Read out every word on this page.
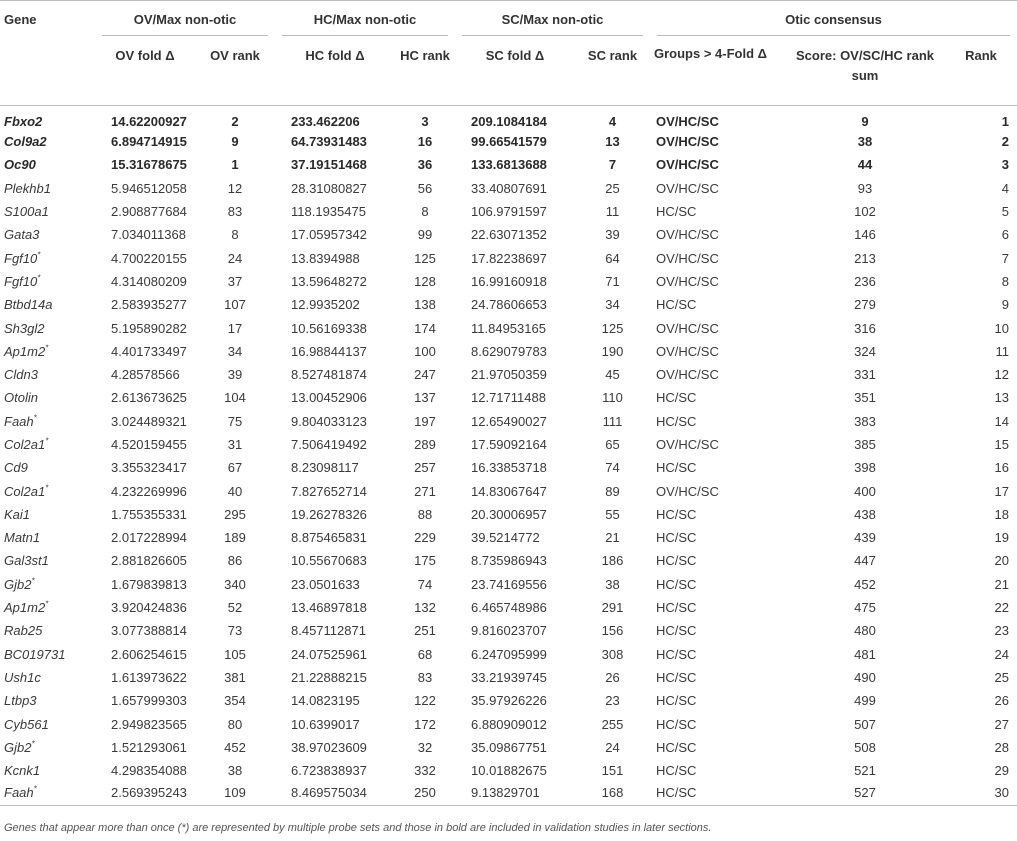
Gene	OV/Max non-otic		HC/Max non-otic		SC/Max non-otic		Otic consensus		

	OV fold Δ	OV rank	HC fold Δ	HC rank	SC fold Δ	SC rank	Groups > 4-Fold Δ	Score: OV/SC/HC rank sum	Rank
Fbxo2	14.62200927	2	233.462206	3	209.1084184	4	OV/HC/SC	9	1
Col9a2	6.894714915	9	64.73931483	16	99.66541579	13	OV/HC/SC	38	2
Oc90	15.31678675	1	37.19151468	36	133.6813688	7	OV/HC/SC	44	3
Plekhb1	5.946512058	12	28.31080827	56	33.40807691	25	OV/HC/SC	93	4
S100a1	2.908877684	83	118.1935475	8	106.9791597	11	HC/SC	102	5
Gata3	7.034011368	8	17.05957342	99	22.63071352	39	OV/HC/SC	146	6
Fgf10*	4.700220155	24	13.8394988	125	17.82238697	64	OV/HC/SC	213	7
Fgf10*	4.314080209	37	13.59648272	128	16.99160918	71	OV/HC/SC	236	8
Btbd14a	2.583935277	107	12.9935202	138	24.78606653	34	HC/SC	279	9
Sh3gl2	5.195890282	17	10.56169338	174	11.84953165	125	OV/HC/SC	316	10
Ap1m2*	4.401733497	34	16.98844137	100	8.629079783	190	OV/HC/SC	324	11
Cldn3	4.28578566	39	8.527481874	247	21.97050359	45	OV/HC/SC	331	12
Otolin	2.613673625	104	13.00452906	137	12.71711488	110	HC/SC	351	13
Faah*	3.024489321	75	9.804033123	197	12.65490027	111	HC/SC	383	14
Col2a1*	4.520159455	31	7.506419492	289	17.59092164	65	OV/HC/SC	385	15
Cd9	3.355323417	67	8.23098117	257	16.33853718	74	HC/SC	398	16
Col2a1*	4.232269996	40	7.827652714	271	14.83067647	89	OV/HC/SC	400	17
Kai1	1.755355331	295	19.26278326	88	20.30006957	55	HC/SC	438	18
Matn1	2.017228994	189	8.875465831	229	39.5214772	21	HC/SC	439	19
Gal3st1	2.881826605	86	10.55670683	175	8.735986943	186	HC/SC	447	20
Gjb2*	1.679839813	340	23.0501633	74	23.74169556	38	HC/SC	452	21
Ap1m2*	3.920424836	52	13.46897818	132	6.465748986	291	HC/SC	475	22
Rab25	3.077388814	73	8.457112871	251	9.816023707	156	HC/SC	480	23
BC019731	2.606254615	105	24.07525961	68	6.247095999	308	HC/SC	481	24
Ush1c	1.613973622	381	21.22888215	83	33.21939745	26	HC/SC	490	25
Ltbp3	1.657999303	354	14.0823195	122	35.97926226	23	HC/SC	499	26
Cyb561	2.949823565	80	10.6399017	172	6.880909012	255	HC/SC	507	27
Gjb2*	1.521293061	452	38.97023609	32	35.09867751	24	HC/SC	508	28
Kcnk1	4.298354088	38	6.723838937	332	10.01882675	151	HC/SC	521	29
Faah*	2.569395243	109	8.469575034	250	9.13829701	168	HC/SC	527	30
Genes that appear more than once (*) are represented by multiple probe sets and those in bold are included in validation studies in later sections.
